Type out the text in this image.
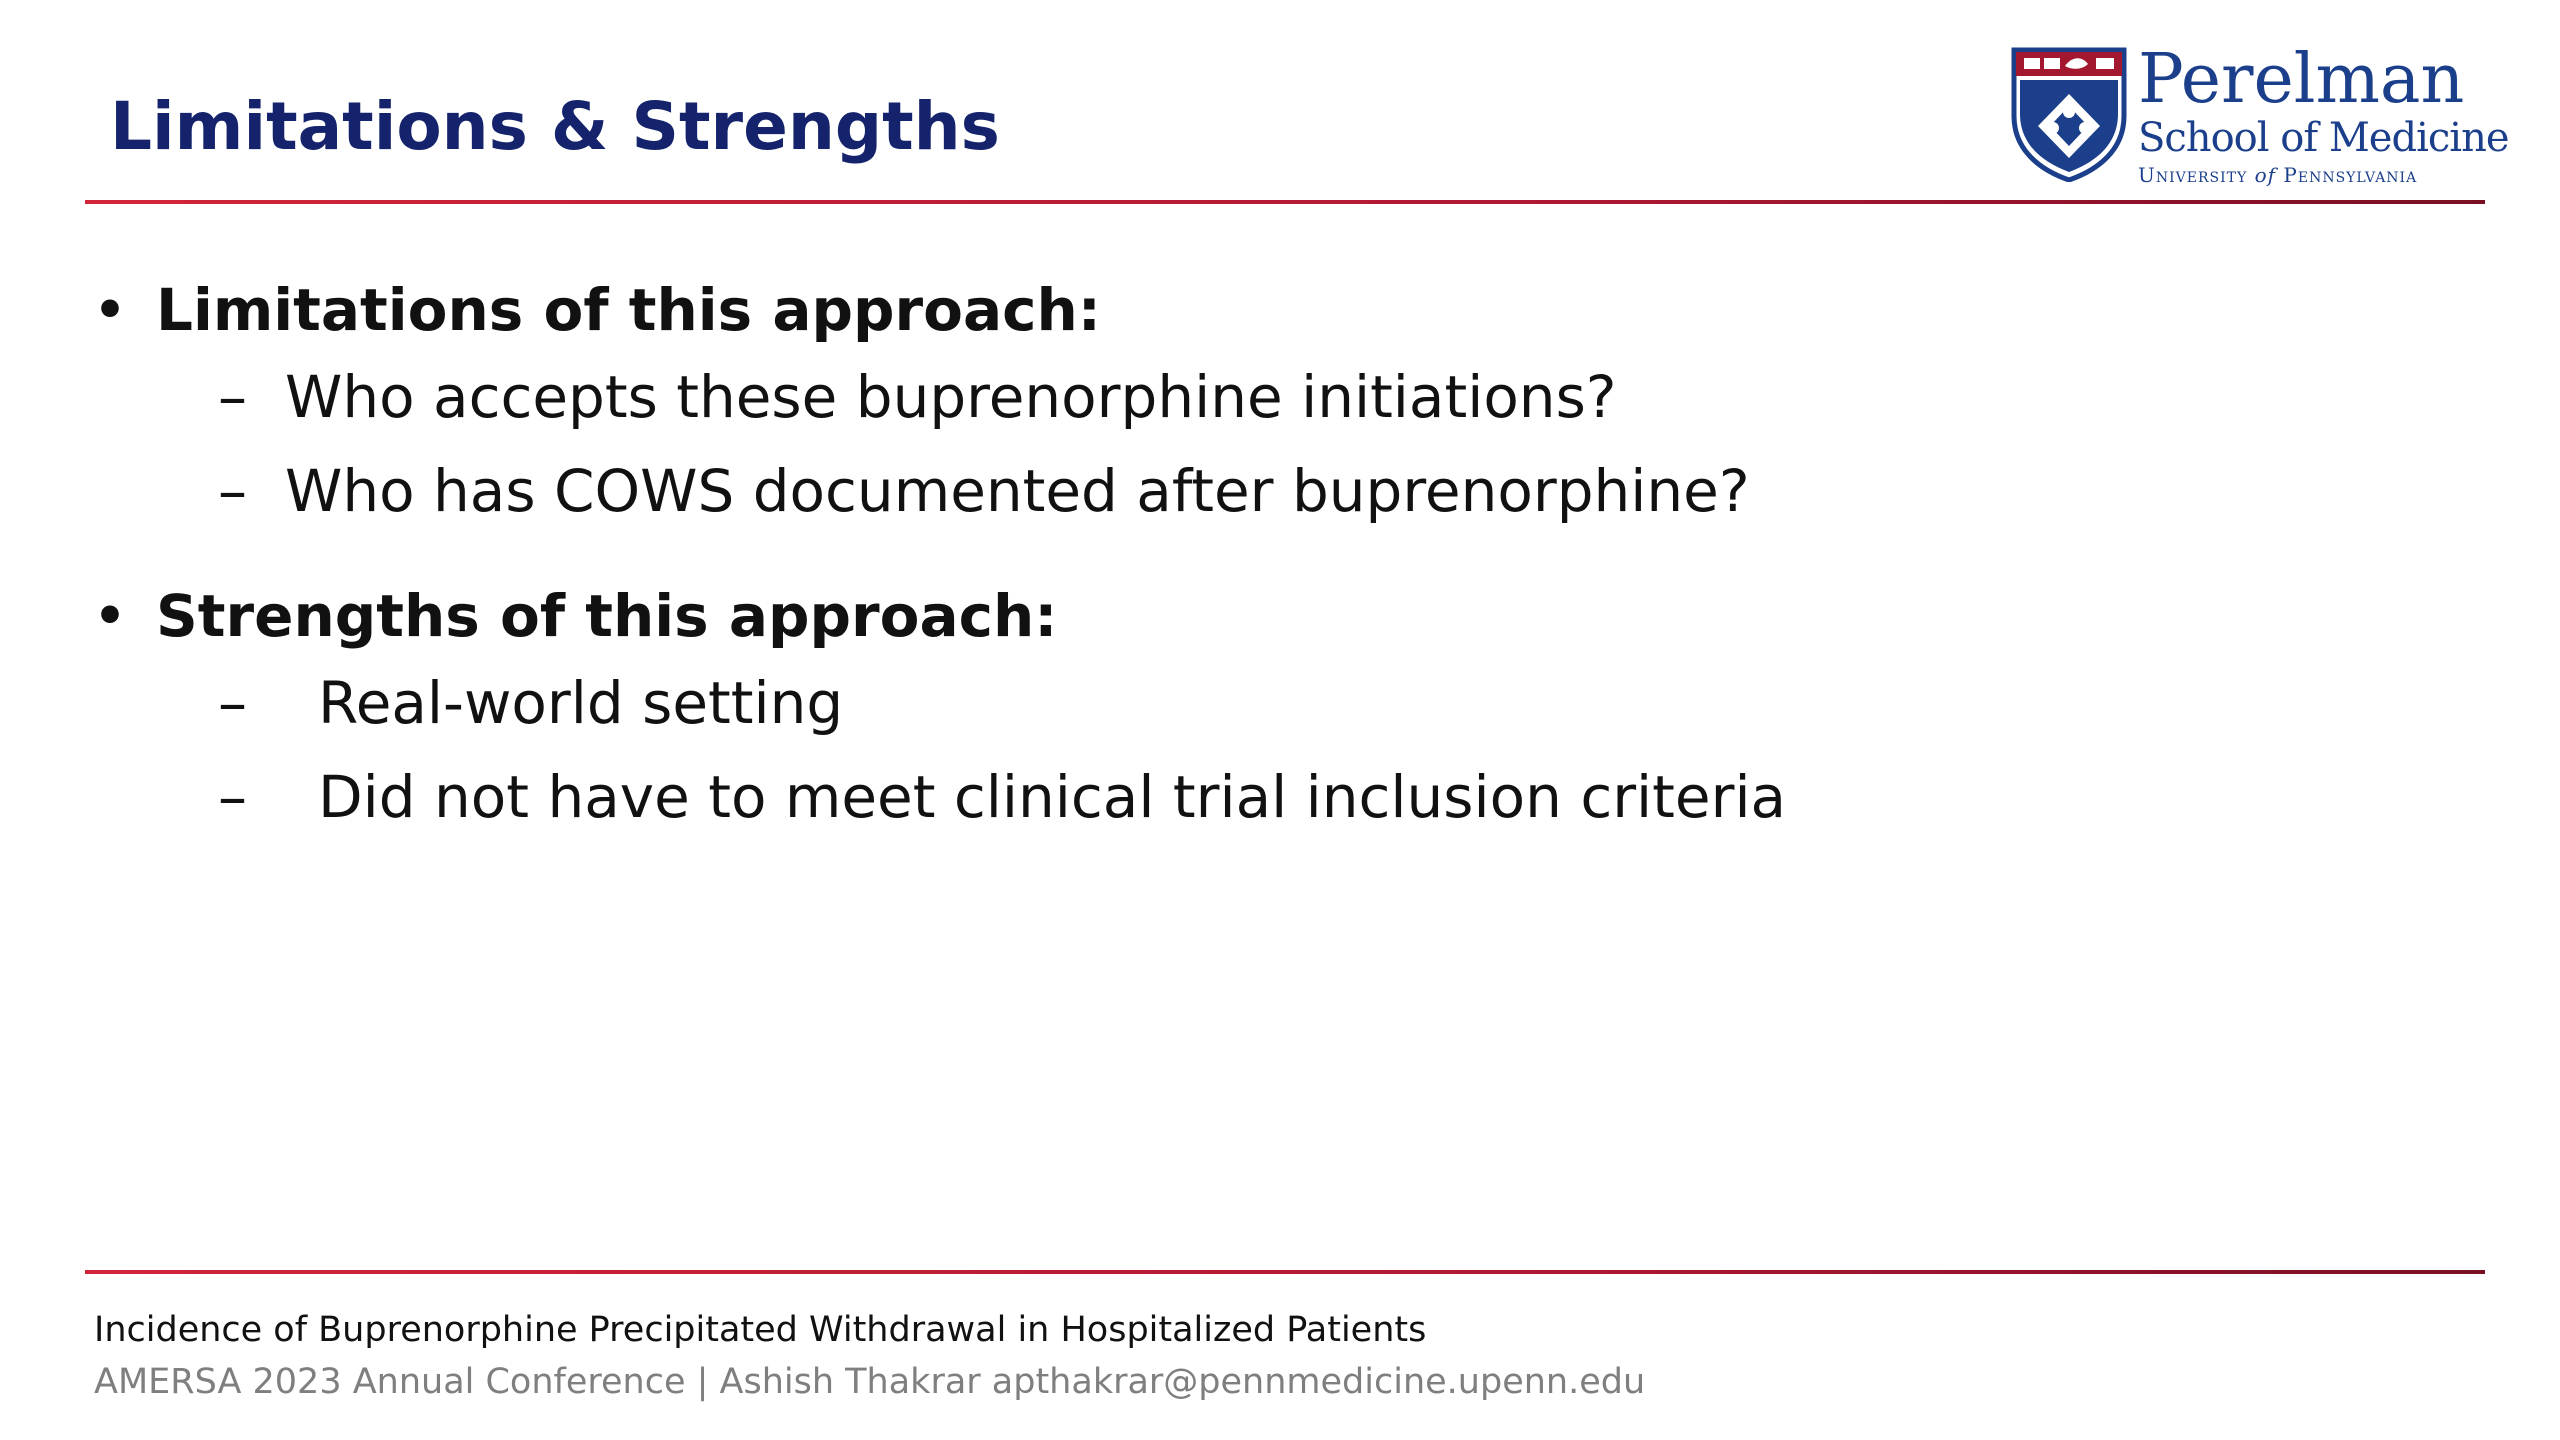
Limitations & Strengths
Perelman
School of Medicine
University of Pennsylvania
• Limitations of this approach:
– Who accepts these buprenorphine initiations?
– Who has COWS documented after buprenorphine?
• Strengths of this approach:
– Real-world setting
– Did not have to meet clinical trial inclusion criteria
Incidence of Buprenorphine Precipitated Withdrawal in Hospitalized Patients
AMERSA 2023 Annual Conference | Ashish Thakrar apthakrar@pennmedicine.upenn.edu
